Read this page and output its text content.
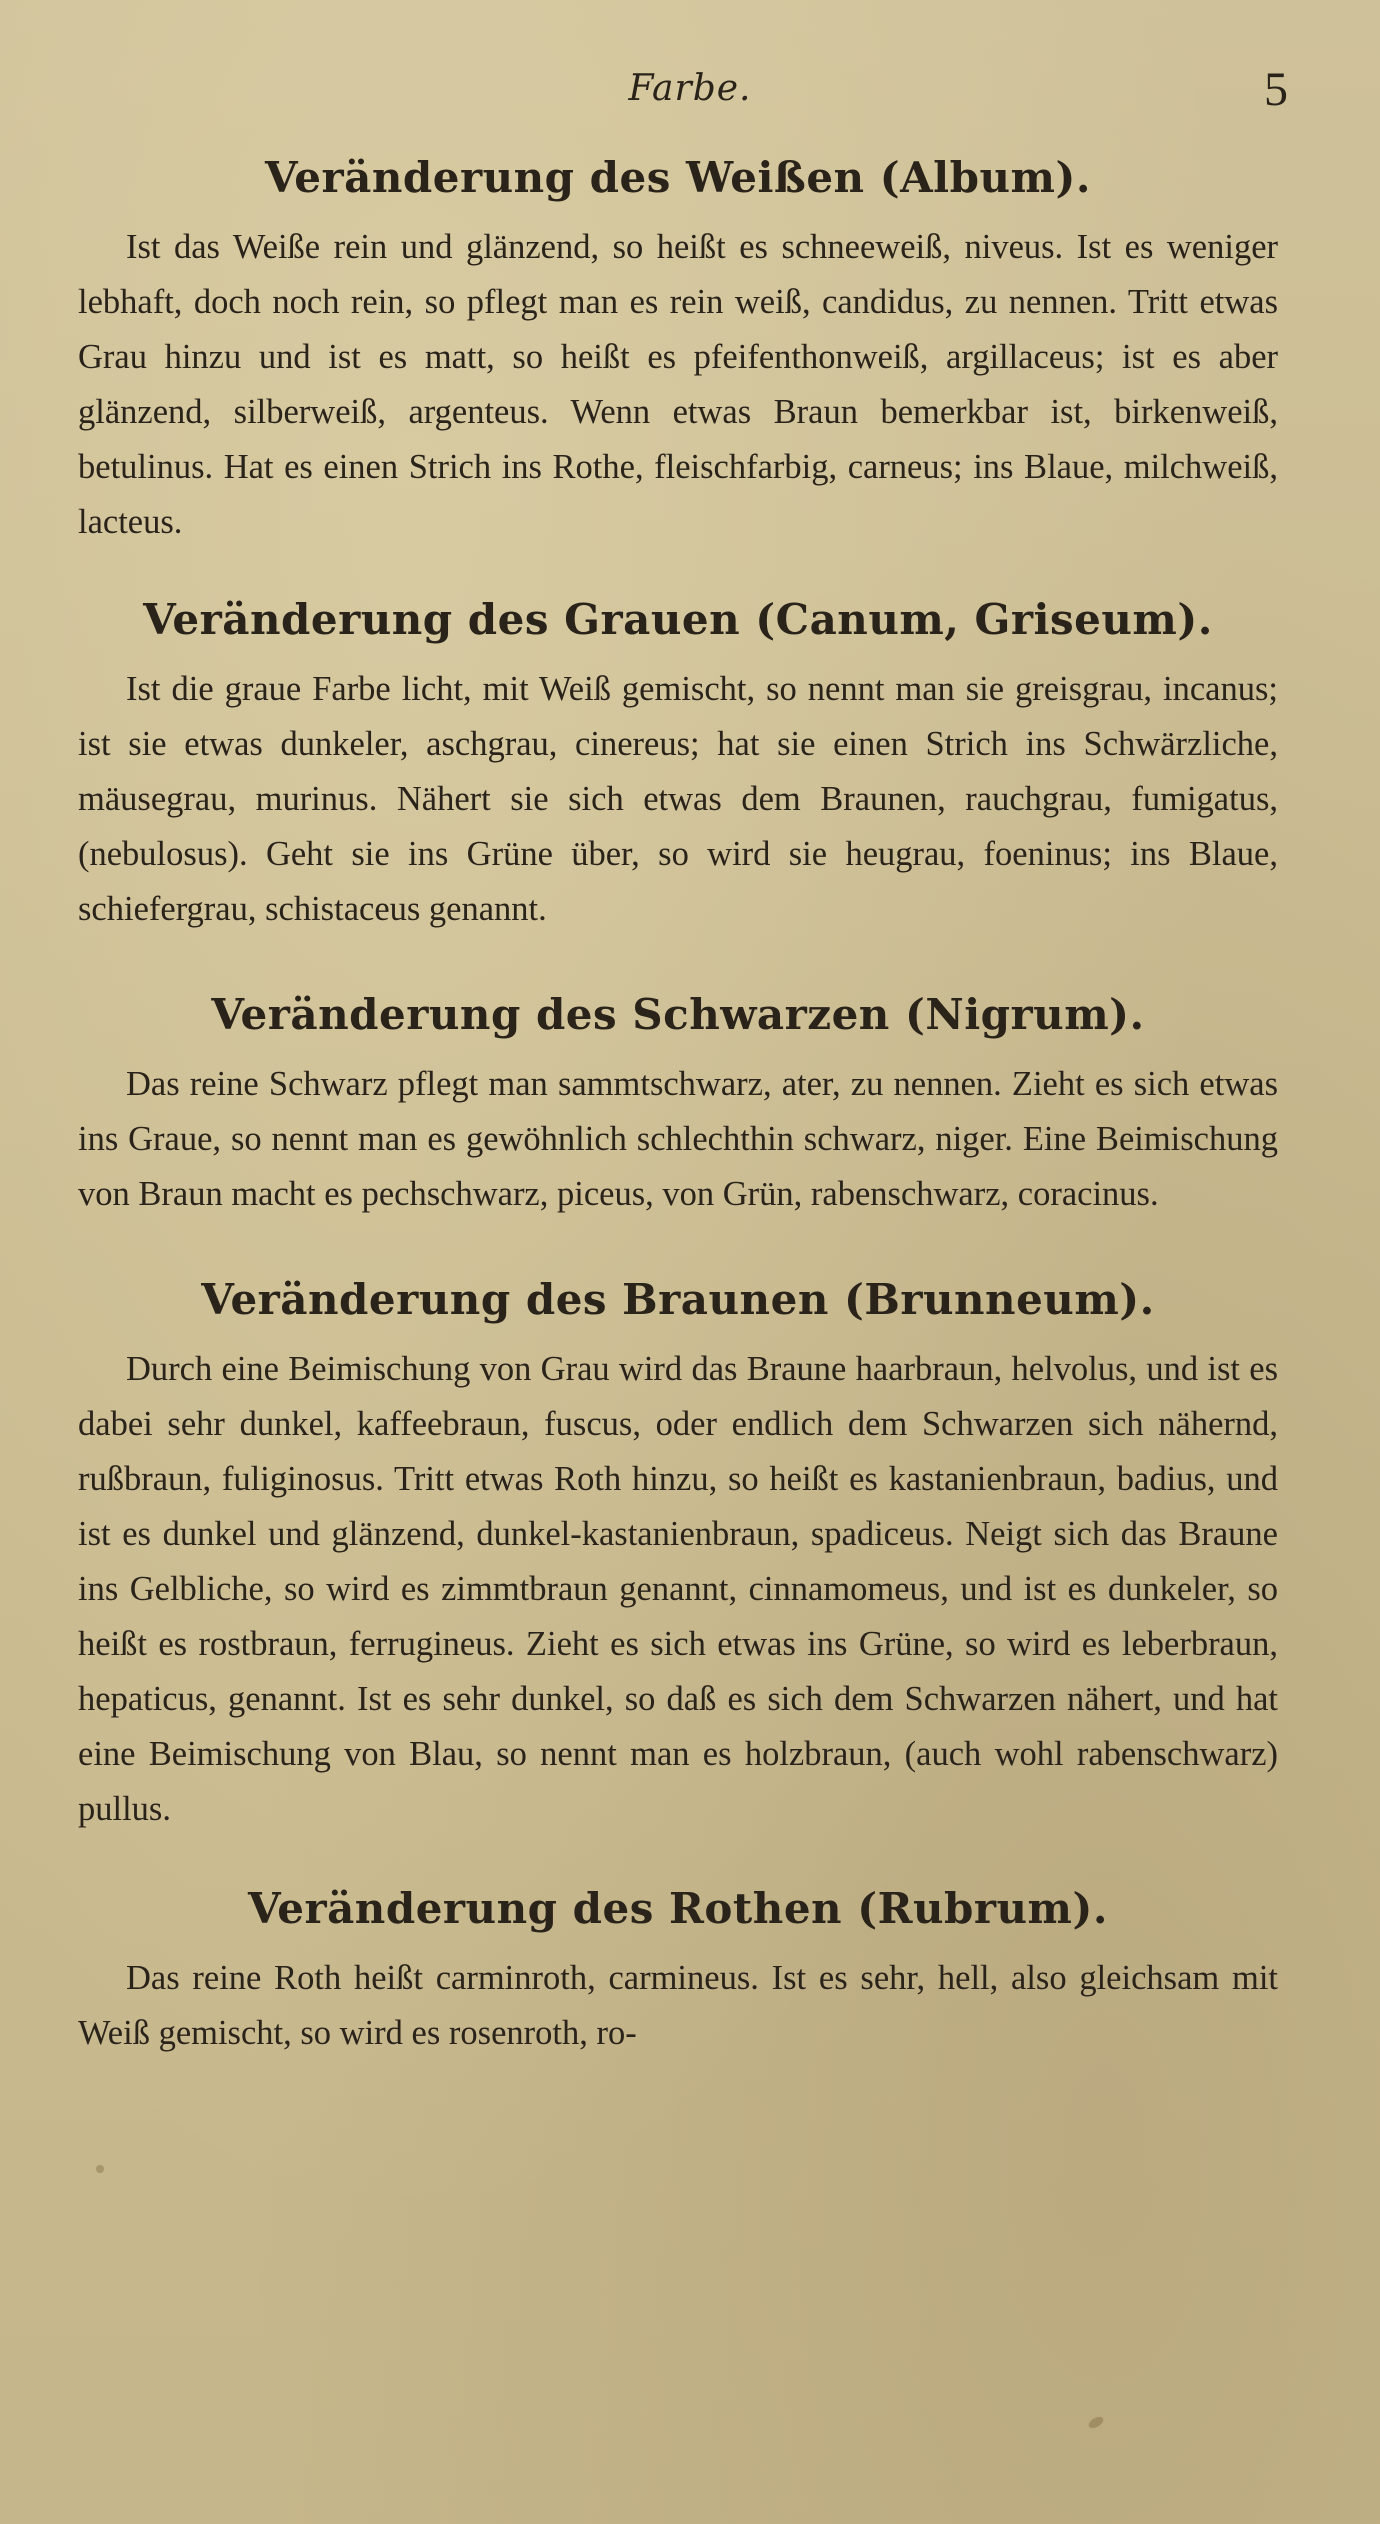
Farbe.	5
Veränderung des Weißen (Album).

Ist das Weiße rein und glänzend, so heißt es schneeweiß, niveus. Ist es weniger lebhaft, doch noch rein, so pflegt man es rein weiß, candidus, zu nennen. Tritt etwas Grau hinzu und ist es matt, so heißt es pfeifenthonweiß, argillaceus; ist es aber glänzend, silberweiß, argenteus. Wenn etwas Braun bemerkbar ist, birkenweiß, betulinus. Hat es einen Strich ins Rothe, fleischfarbig, carneus; ins Blaue, milchweiß, lacteus.

Veränderung des Grauen (Canum, Griseum).

Ist die graue Farbe licht, mit Weiß gemischt, so nennt man sie greisgrau, incanus; ist sie etwas dunkeler, aschgrau, cinereus; hat sie einen Strich ins Schwärzliche, mäusegrau, murinus. Nähert sie sich etwas dem Braunen, rauchgrau, fumigatus, (nebulosus). Geht sie ins Grüne über, so wird sie heugrau, foeninus; ins Blaue, schiefergrau, schistaceus genannt.

Veränderung des Schwarzen (Nigrum).

Das reine Schwarz pflegt man sammtschwarz, ater, zu nennen. Zieht es sich etwas ins Graue, so nennt man es gewöhnlich schlechthin schwarz, niger. Eine Beimischung von Braun macht es pechschwarz, piceus, von Grün, rabenschwarz, coracinus.

Veränderung des Braunen (Brunneum).

Durch eine Beimischung von Grau wird das Braune haarbraun, helvolus, und ist es dabei sehr dunkel, kaffeebraun, fuscus, oder endlich dem Schwarzen sich nähernd, rußbraun, fuliginosus. Tritt etwas Roth hinzu, so heißt es kastanienbraun, badius, und ist es dunkel und glänzend, dunkel-kastanienbraun, spadiceus. Neigt sich das Braune ins Gelbliche, so wird es zimmtbraun genannt, cinnamomeus, und ist es dunkeler, so heißt es rostbraun, ferrugineus. Zieht es sich etwas ins Grüne, so wird es leberbraun, hepaticus, genannt. Ist es sehr dunkel, so daß es sich dem Schwarzen nähert, und hat eine Beimischung von Blau, so nennt man es holzbraun, (auch wohl rabenschwarz) pullus.

Veränderung des Rothen (Rubrum).

Das reine Roth heißt carminroth, carmineus. Ist es sehr, hell, also gleichsam mit Weiß gemischt, so wird es rosenroth, ro-
